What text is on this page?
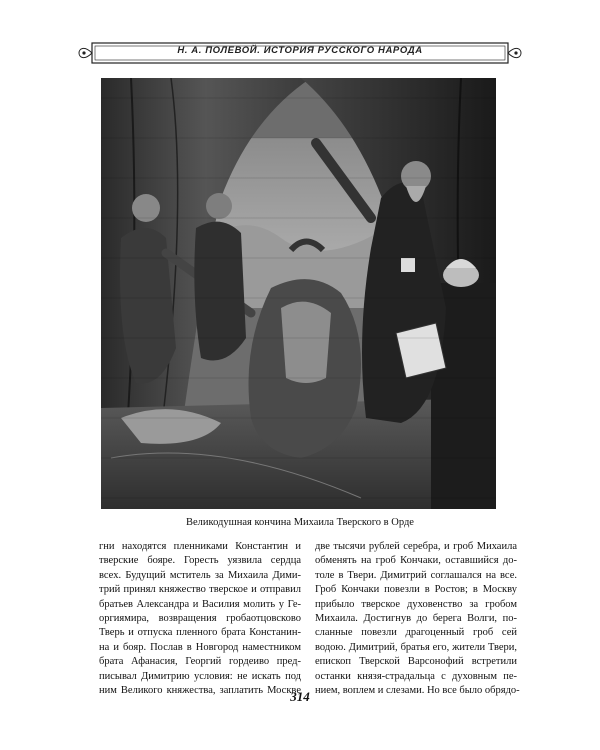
Н. А. ПОЛЕВОЙ. ИСТОРИЯ РУССКОГО НАРОДА
Великодушная кончина Михаила Тверского в Орде
гни находятся пленниками Константин и
тверские бояре. Горесть уязвила сердца
всех. Будущий мститель за Михаила Дими-
трий принял княжество тверское и отправил
братьев Александра и Василия молить у Ге-
оргиямира, возвращения гробаотцовсково
Тверь и отпуска пленного брата Констанин-
на и бояр. Послав в Новгород наместником
брата Афанасия, Георгий гордеиво пред-
писывал Димитрию условия: не искать под
ним Великого княжества, заплатить Москве
две тысячи рублей серебра, и гроб Михаила
обменять на гроб Кончаки, оставшийся до-
толе в Твери. Димитрий соглашался на все.
Гроб Кончаки повезли в Ростов; в Москву
прибыло тверское духовенство за гробом
Михаила. Достигнув до берега Волги, по-
сланные повезли драгоценный гроб сей
водою. Димитрий, братья его, жители Твери,
епископ Тверской Варсонофий встретили
останки князя-страдальца с духовным пе-
нием, воплем и слезами. Но все было обрядо-
314
